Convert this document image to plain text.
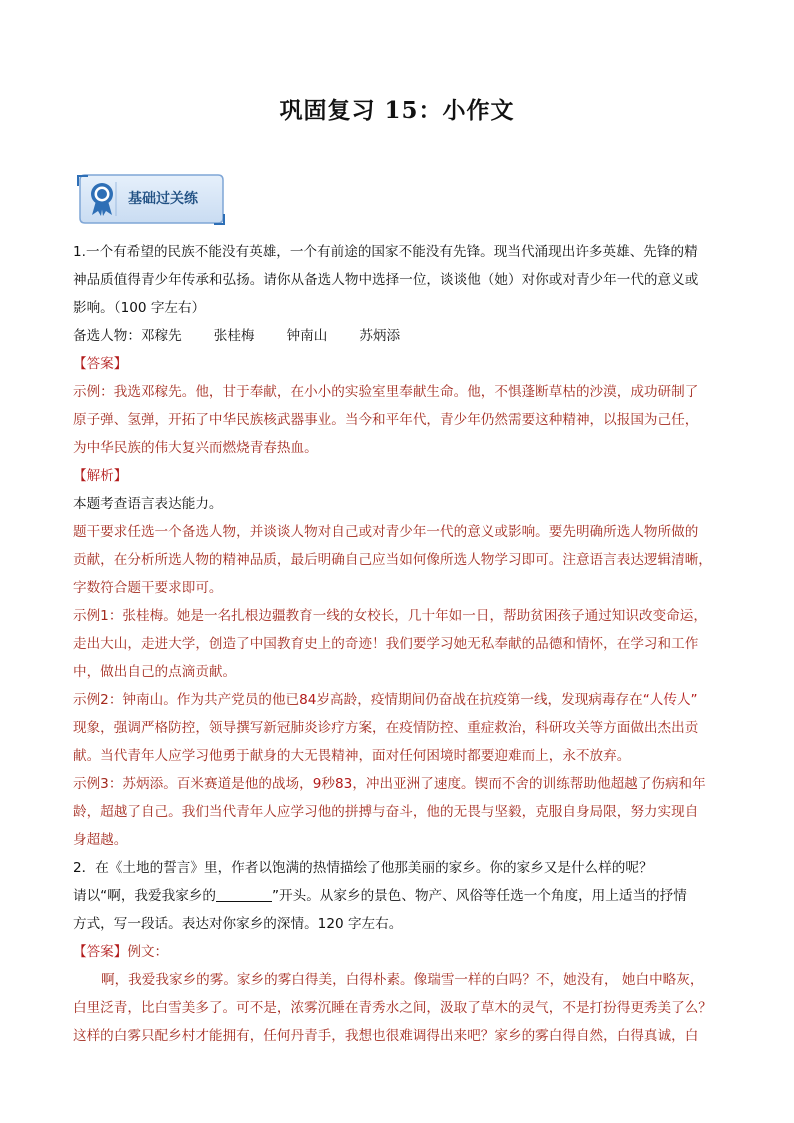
巩固复习 15：小作文
基础过关练
1.一个有希望的民族不能没有英雄，一个有前途的国家不能没有先锋。现当代涌现出许多英雄、先锋的精
神品质值得青少年传承和弘扬。请你从备选人物中选择一位，谈谈他（她）对你或对青少年一代的意义或
影响。（100 字左右）
备选人物：邓稼先 张桂梅 钟南山 苏炳添
【答案】
示例：我选邓稼先。他，甘于奉献，在小小的实验室里奉献生命。他，不惧蓬断草枯的沙漠，成功研制了
原子弹、氢弹，开拓了中华民族核武器事业。当今和平年代，青少年仍然需要这种精神，以报国为己任，
为中华民族的伟大复兴而燃烧青春热血。
【解析】
本题考查语言表达能力。
题干要求任选一个备选人物，并谈谈人物对自己或对青少年一代的意义或影响。要先明确所选人物所做的
贡献，在分析所选人物的精神品质，最后明确自己应当如何像所选人物学习即可。注意语言表达逻辑清晰，
字数符合题干要求即可。
示例1：张桂梅。她是一名扎根边疆教育一线的女校长，几十年如一日，帮助贫困孩子通过知识改变命运，
走出大山，走进大学，创造了中国教育史上的奇迹！我们要学习她无私奉献的品德和情怀，在学习和工作
中，做出自己的点滴贡献。
示例2：钟南山。作为共产党员的他已84岁高龄，疫情期间仍奋战在抗疫第一线，发现病毒存在“人传人”
现象，强调严格防控，领导撰写新冠肺炎诊疗方案，在疫情防控、重症救治，科研攻关等方面做出杰出贡
献。当代青年人应学习他勇于献身的大无畏精神，面对任何困境时都要迎难而上，永不放弃。
示例3：苏炳添。百米赛道是他的战场，9秒83，冲出亚洲了速度。锲而不舍的训练帮助他超越了伤病和年
龄，超越了自己。我们当代青年人应学习他的拼搏与奋斗，他的无畏与坚毅，克服自身局限，努力实现自
身超越。
2．在《土地的誓言》里，作者以饱满的热情描绘了他那美丽的家乡。你的家乡又是什么样的呢？
请以“啊，我爱我家乡的	”开头。从家乡的景色、物产、风俗等任选一个角度，用上适当的抒情
方式，写一段话。表达对你家乡的深情。120 字左右。
【答案】例文：
啊，我爱我家乡的雾。家乡的雾白得美，白得朴素。像瑞雪一样的白吗？不，她没有， 她白中略灰，
白里泛青，比白雪美多了。可不是，浓雾沉睡在青秀水之间，汲取了草木的灵气，不是打扮得更秀美了么？
这样的白雾只配乡村才能拥有，任何丹青手，我想也很难调得出来吧？家乡的雾白得自然，白得真诚，白
